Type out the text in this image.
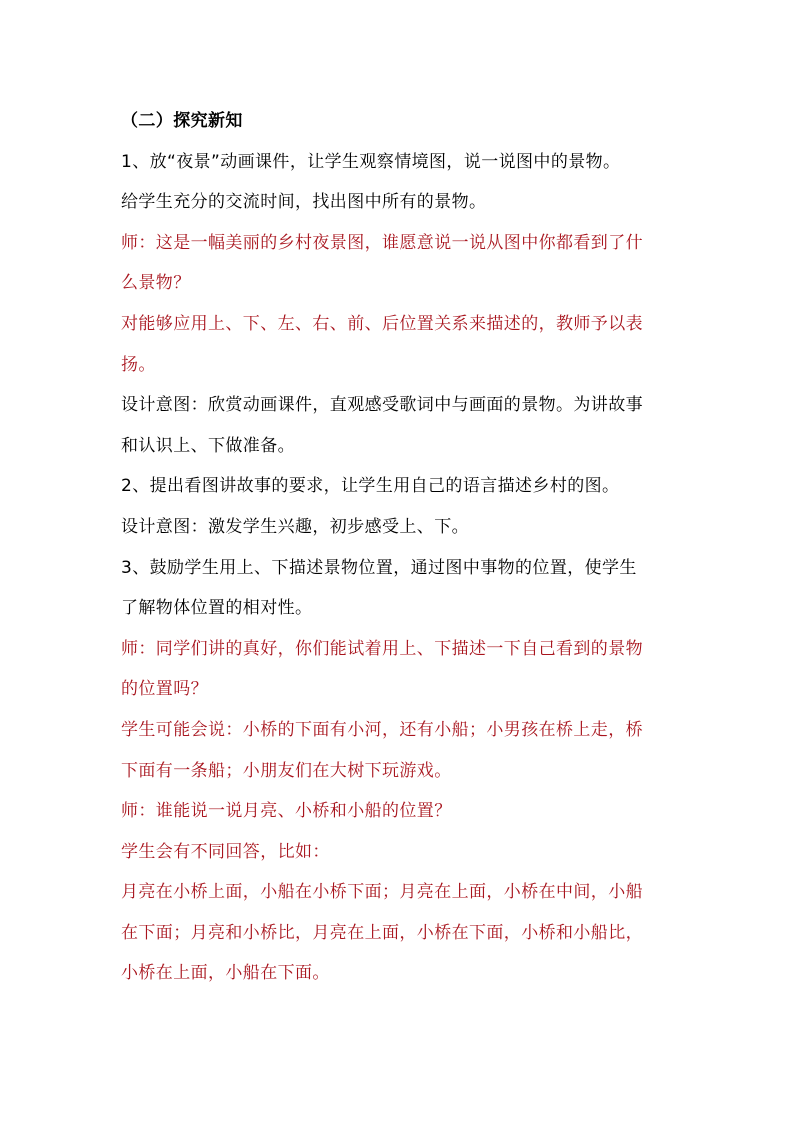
（二）探究新知
1、放“夜景”动画课件，让学生观察情境图，说一说图中的景物。
给学生充分的交流时间，找出图中所有的景物。
师：这是一幅美丽的乡村夜景图，谁愿意说一说从图中你都看到了什
么景物？
对能够应用上、下、左、右、前、后位置关系来描述的，教师予以表
扬。
设计意图：欣赏动画课件，直观感受歌词中与画面的景物。为讲故事
和认识上、下做准备。
2、提出看图讲故事的要求，让学生用自己的语言描述乡村的图。
设计意图：激发学生兴趣，初步感受上、下。
3、鼓励学生用上、下描述景物位置，通过图中事物的位置，使学生
了解物体位置的相对性。
师：同学们讲的真好，你们能试着用上、下描述一下自己看到的景物
的位置吗？
学生可能会说：小桥的下面有小河，还有小船；小男孩在桥上走，桥
下面有一条船；小朋友们在大树下玩游戏。
师：谁能说一说月亮、小桥和小船的位置？
学生会有不同回答，比如：
月亮在小桥上面，小船在小桥下面；月亮在上面，小桥在中间，小船
在下面；月亮和小桥比，月亮在上面，小桥在下面，小桥和小船比，
小桥在上面，小船在下面。
